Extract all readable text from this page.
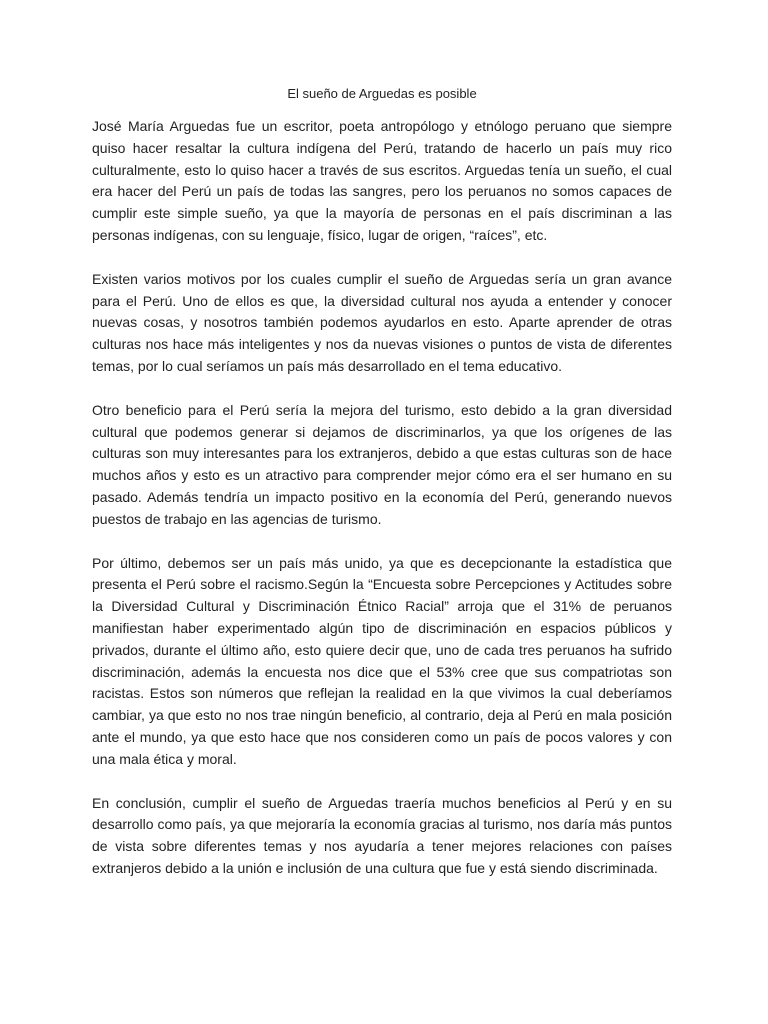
El sueño de Arguedas es posible

José María Arguedas fue un escritor, poeta antropólogo y etnólogo peruano que siempre quiso hacer resaltar la cultura indígena del Perú, tratando de hacerlo un país muy rico culturalmente, esto lo quiso hacer a través de sus escritos. Arguedas tenía un sueño, el cual era hacer del Perú un país de todas las sangres, pero los peruanos no somos capaces de cumplir este simple sueño, ya que la mayoría de personas en el país discriminan a las personas indígenas, con su lenguaje, físico, lugar de origen, “raíces”, etc.

Existen varios motivos por los cuales cumplir el sueño de Arguedas sería un gran avance para el Perú. Uno de ellos es que, la diversidad cultural nos ayuda a entender y conocer nuevas cosas, y nosotros también podemos ayudarlos en esto. Aparte aprender de otras culturas nos hace más inteligentes y nos da nuevas visiones o puntos de vista de diferentes temas, por lo cual seríamos un país más desarrollado en el tema educativo.

Otro beneficio para el Perú sería la mejora del turismo, esto debido a la gran diversidad cultural que podemos generar si dejamos de discriminarlos, ya que los orígenes de las culturas son muy interesantes para los extranjeros, debido a que estas culturas son de hace muchos años y esto es un atractivo para comprender mejor cómo era el ser humano en su pasado. Además tendría un impacto positivo en la economía del Perú, generando nuevos puestos de trabajo en las agencias de turismo.

Por último, debemos ser un país más unido, ya que es decepcionante la estadística que presenta el Perú sobre el racismo.Según la “Encuesta sobre Percepciones y Actitudes sobre la Diversidad Cultural y Discriminación Étnico Racial” arroja que el 31% de peruanos manifiestan haber experimentado algún tipo de discriminación en espacios públicos y privados, durante el último año, esto quiere decir que, uno de cada tres peruanos ha sufrido discriminación, además la encuesta nos dice que el 53% cree que sus compatriotas son racistas. Estos son números que reflejan la realidad en la que vivimos la cual deberíamos cambiar, ya que esto no nos trae ningún beneficio, al contrario, deja al Perú en mala posición ante el mundo, ya que esto hace que nos consideren como un país de pocos valores y con una mala ética y moral.

En conclusión, cumplir el sueño de Arguedas traería muchos beneficios al Perú y en su desarrollo como país, ya que mejoraría la economía gracias al turismo, nos daría más puntos de vista sobre diferentes temas y nos ayudaría a tener mejores relaciones con países extranjeros debido a la unión e inclusión de una cultura que fue y está siendo discriminada.
